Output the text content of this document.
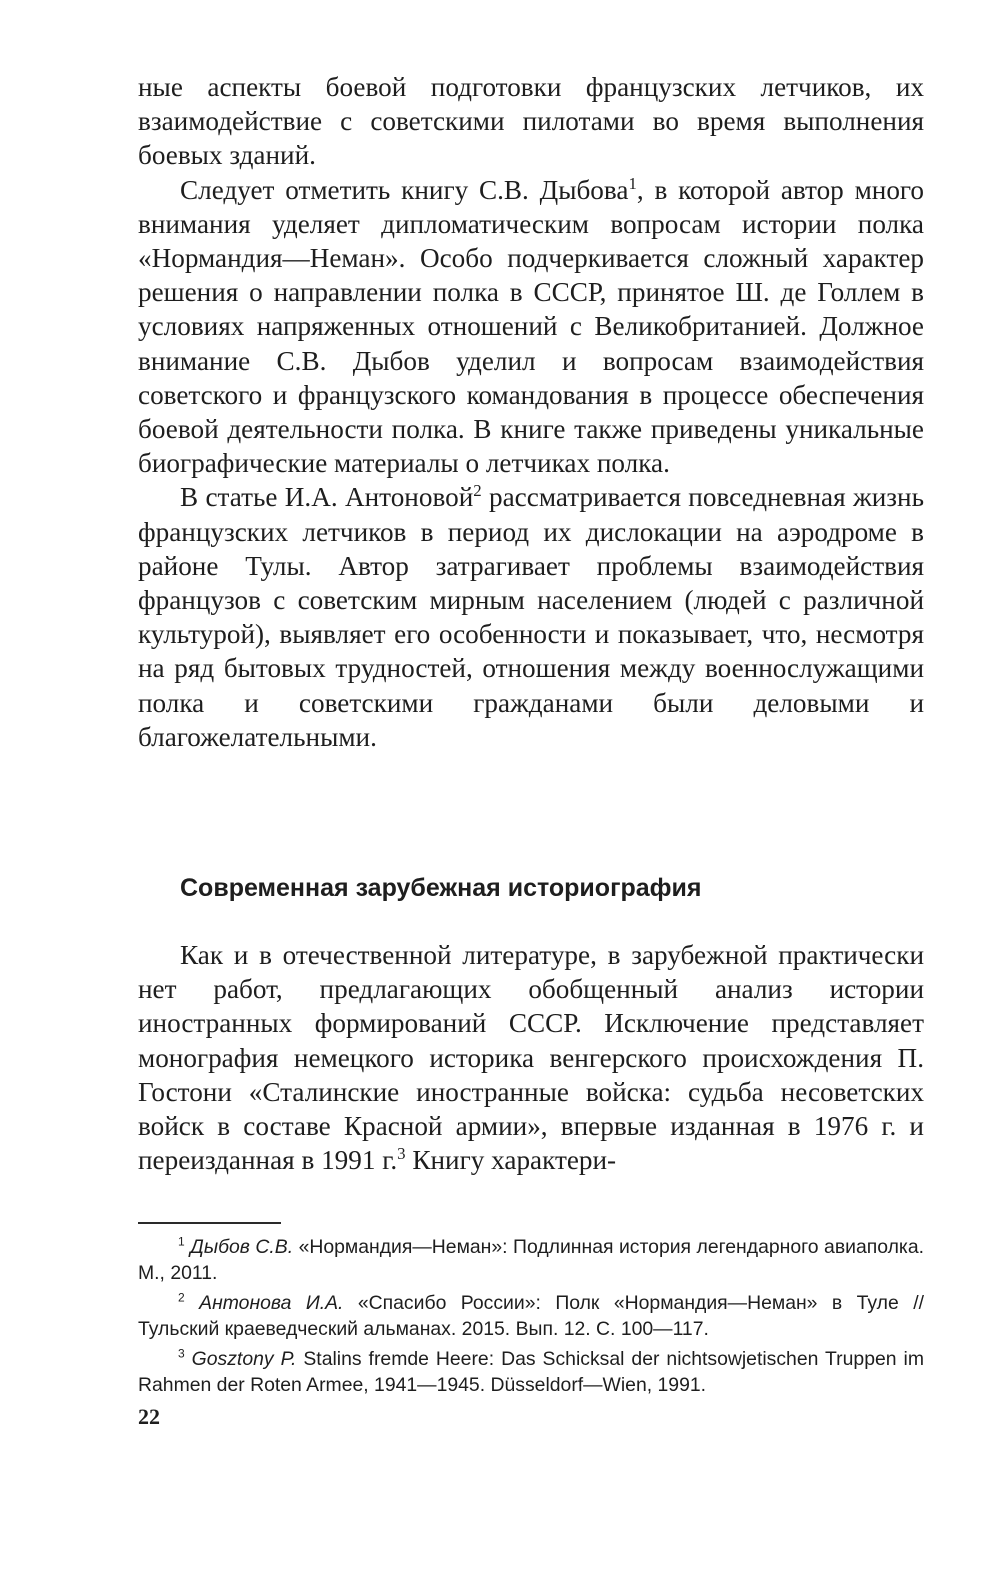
ные аспекты боевой подготовки французских летчиков, их взаимодействие с советскими пилотами во время выполнения боевых зданий.

Следует отметить книгу С.В. Дыбова$^1$, в которой автор много внимания уделяет дипломатическим вопросам истории полка «Нормандия—Неман». Особо подчеркивается сложный характер решения о направлении полка в СССР, принятое Ш. де Голлем в условиях напряженных отношений с Великобританией. Должное внимание С.В. Дыбов уделил и вопросам взаимодействия советского и французского командования в процессе обеспечения боевой деятельности полка. В книге также приведены уникальные биографические материалы о летчиках полка.

В статье И.А. Антоновой$^2$ рассматривается повседневная жизнь французских летчиков в период их дислокации на аэродроме в районе Тулы. Автор затрагивает проблемы взаимодействия французов с советским мирным населением (людей с различной культурой), выявляет его особенности и показывает, что, несмотря на ряд бытовых трудностей, отношения между военнослужащими полка и советскими гражданами были деловыми и благожелательными.

Современная зарубежная историография

Как и в отечественной литературе, в зарубежной практически нет работ, предлагающих обобщенный анализ истории иностранных формирований СССР. Исключение представляет монография немецкого историка венгерского происхождения П. Гостони «Сталинские иностранные войска: судьба несоветских войск в составе Красной армии», впервые изданная в 1976 г. и переизданная в 1991 г.$^3$ Книгу характери-

$^1$ Дыбов С.В. «Нормандия—Неман»: Подлинная история легендарного авиаполка. М., 2011.

$^2$ Антонова И.А. «Спасибо России»: Полк «Нормандия—Неман» в Туле // Тульский краеведческий альманах. 2015. Вып. 12. С. 100—117.

$^3$ Gosztony P. Stalins fremde Heere: Das Schicksal der nichtsowjetischen Truppen im Rahmen der Roten Armee, 1941—1945. Düsseldorf—Wien, 1991.

22
